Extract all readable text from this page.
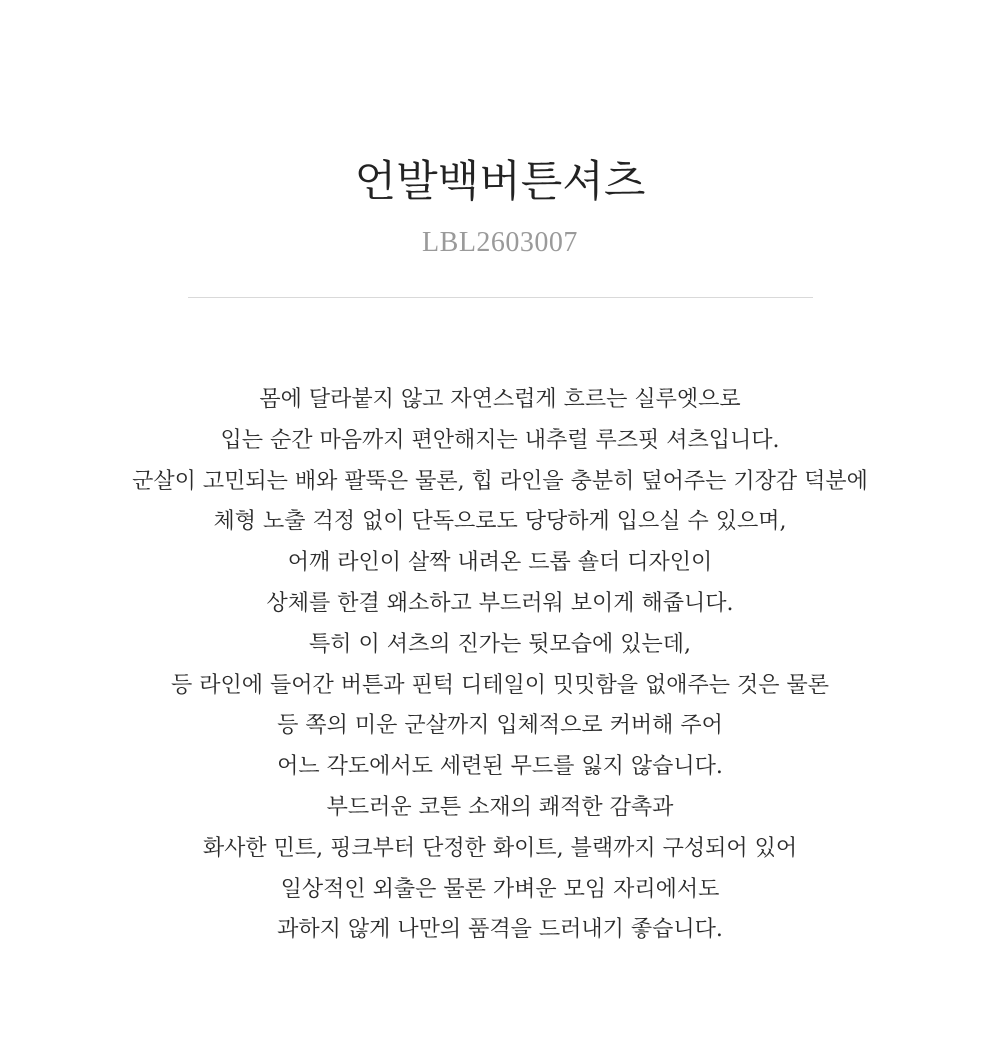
언발백버튼셔츠
LBL2603007
몸에 달라붙지 않고 자연스럽게 흐르는 실루엣으로
입는 순간 마음까지 편안해지는 내추럴 루즈핏 셔츠입니다.
군살이 고민되는 배와 팔뚝은 물론, 힙 라인을 충분히 덮어주는 기장감 덕분에
체형 노출 걱정 없이 단독으로도 당당하게 입으실 수 있으며,
어깨 라인이 살짝 내려온 드롭 숄더 디자인이
상체를 한결 왜소하고 부드러워 보이게 해줍니다.
특히 이 셔츠의 진가는 뒷모습에 있는데,
등 라인에 들어간 버튼과 핀턱 디테일이 밋밋함을 없애주는 것은 물론
등 쪽의 미운 군살까지 입체적으로 커버해 주어
어느 각도에서도 세련된 무드를 잃지 않습니다.
부드러운 코튼 소재의 쾌적한 감촉과
화사한 민트, 핑크부터 단정한 화이트, 블랙까지 구성되어 있어
일상적인 외출은 물론 가벼운 모임 자리에서도
과하지 않게 나만의 품격을 드러내기 좋습니다.
